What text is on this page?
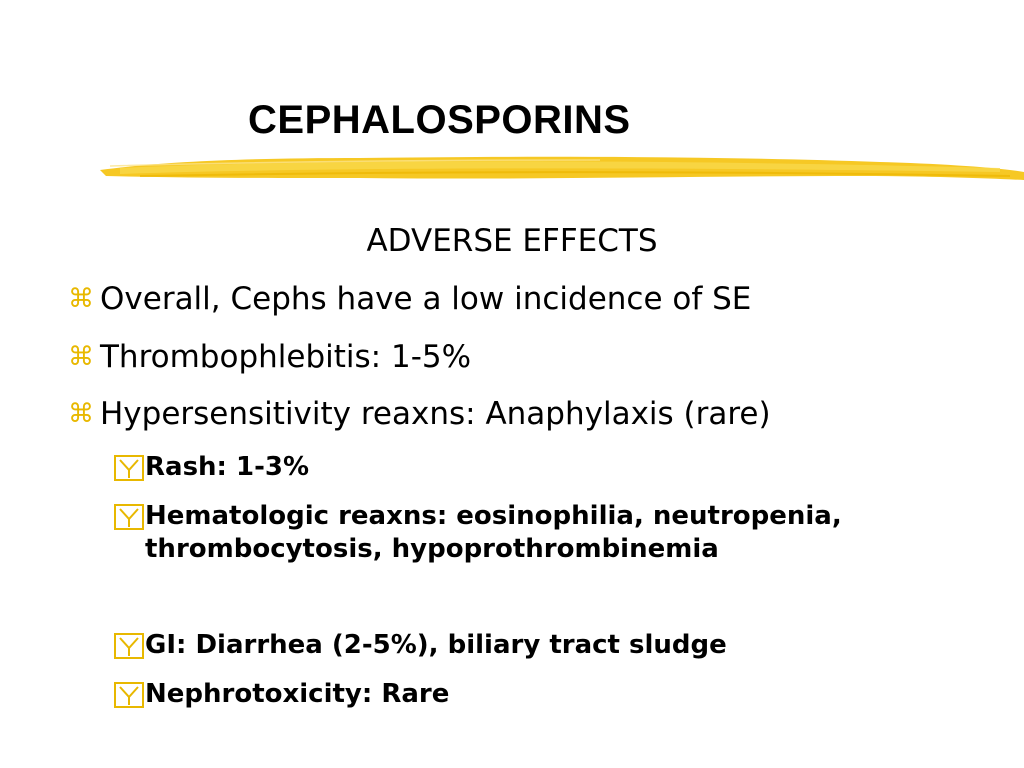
CEPHALOSPORINS
ADVERSE EFFECTS
⌘ Overall, Cephs have a low incidence of SE
⌘ Thrombophlebitis: 1-5%
⌘ Hypersensitivity reaxns: Anaphylaxis (rare)
Rash: 1-3%
Hematologic reaxns: eosinophilia, neutropenia, thrombocytosis, hypoprothrombinemia
GI: Diarrhea (2-5%), biliary tract sludge
Nephrotoxicity: Rare
